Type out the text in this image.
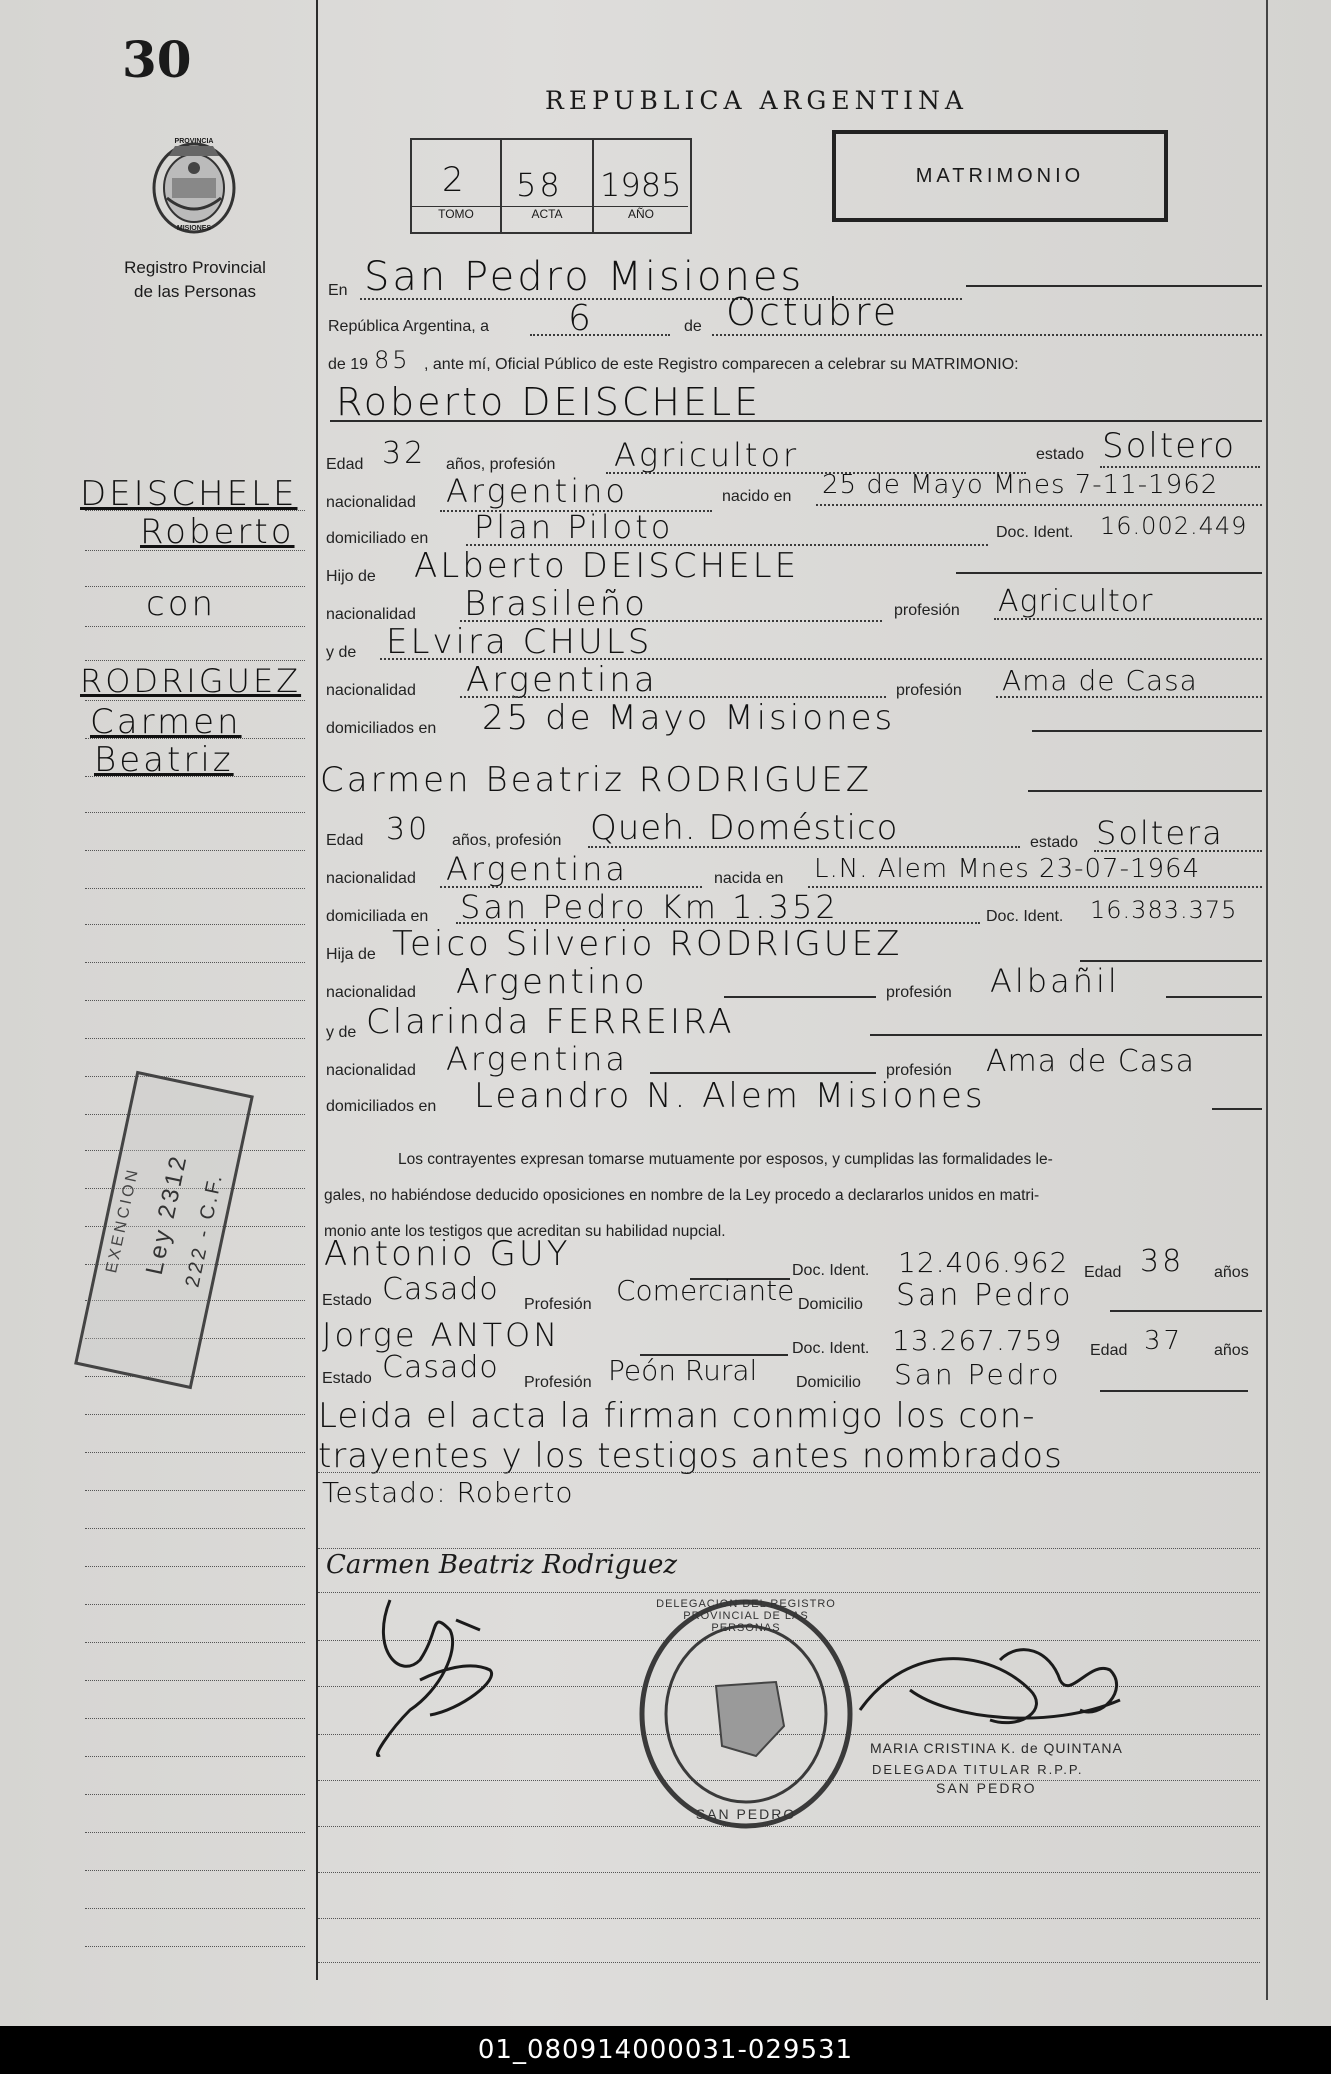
30
PROVINCIA
MISIONES
Registro Provincial
de las Personas
REPUBLICA ARGENTINA
2
TOMO
58
ACTA
1985
AÑO
MATRIMONIO
En San Pedro Misiones
República Argentina, a 6	de Octubre
de 19 85 , ante mí, Oficial Público de este Registro comparecen a celebrar su MATRIMONIO:
Roberto DEISCHELE
Edad 32 años, profesión Agricultor	estado Soltero
nacionalidad Argentino	nacido en 25 de Mayo Mnes 7-11-1962
domiciliado en Plan Piloto	Doc. Ident. 16.002.449
Hijo de ALberto DEISCHELE
nacionalidad Brasileño	profesión Agricultor
y de ELvira CHULS
nacionalidad Argentina	profesión Ama de Casa
domiciliados en 25 de Mayo Misiones
Carmen Beatriz RODRIGUEZ
Edad 30 años, profesión Queh. Doméstico	estado Soltera
nacionalidad Argentina	nacida en L.N. Alem Mnes 23-07-1964
domiciliada en San Pedro Km 1.352	Doc. Ident. 16.383.375
Hija de Teico Silverio RODRIGUEZ
nacionalidad Argentino	profesión Albañil
y de Clarinda FERREIRA
nacionalidad Argentina	profesión Ama de Casa
domiciliados en Leandro N. Alem Misiones
Los contrayentes expresan tomarse mutuamente por esposos, y cumplidas las formalidades le-
gales, no habiéndose deducido oposiciones en nombre de la Ley procedo a declararlos unidos en matri-
monio ante los testigos que acreditan su habilidad nupcial.
Antonio GUY	Doc. Ident. 12.406.962 Edad 38 años
Estado Casado Profesión Comerciante Domicilio San Pedro
Jorge ANTON	Doc. Ident. 13.267.759 Edad 37 años
Estado Casado Profesión Peón Rural Domicilio San Pedro
Leida el acta la firman conmigo los con-
trayentes y los testigos antes nombrados
Testado: Roberto
Carmen Beatriz Rodriguez
DELEGACION DEL REGISTRO PROVINCIAL DE LAS PERSONAS
SAN PEDRO
MARIA CRISTINA K. de QUINTANA
DELEGADA TITULAR R.P.P.
SAN PEDRO
DEISCHELE
Roberto
con
RODRIGUEZ
Carmen
Beatriz
Ley 2312
222 - C.F.
EXENCION
01_080914000031-029531
